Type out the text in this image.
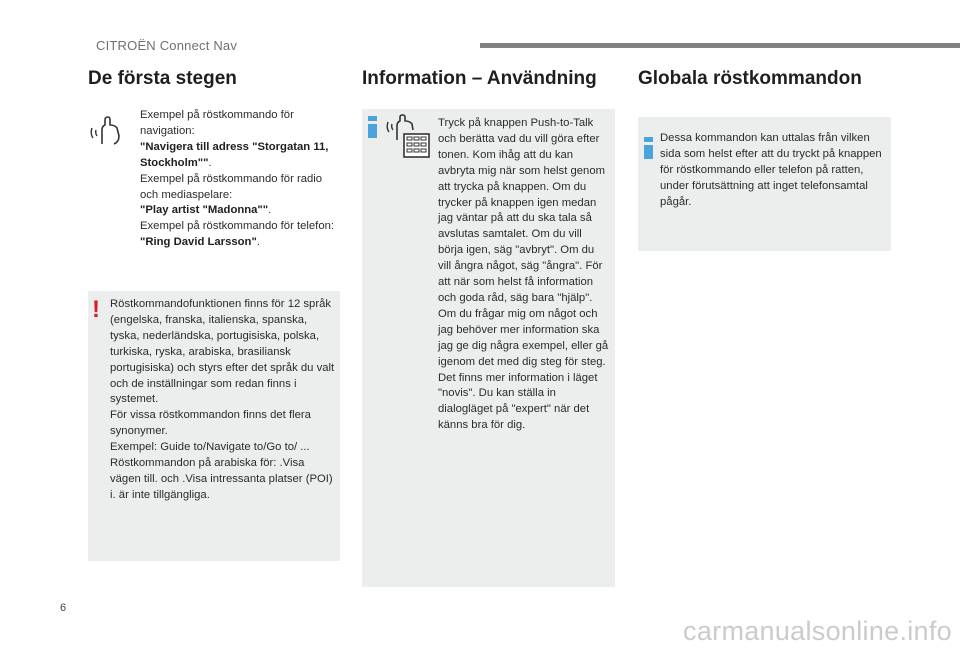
CITROËN Connect Nav
De första stegen
Exempel på röstkommando för navigation:
"Navigera till adress "Storgatan 11, Stockholm"".
Exempel på röstkommando för radio och mediaspelare:
"Play artist "Madonna"".
Exempel på röstkommando för telefon:
"Ring David Larsson".
! Röstkommandofunktionen finns för 12 språk (engelska, franska, italienska, spanska, tyska, nederländska, portugisiska, polska, turkiska, ryska, arabiska, brasiliansk portugisiska) och styrs efter det språk du valt och de inställningar som redan finns i systemet.
För vissa röstkommandon finns det flera synonymer.
Exempel: Guide to/Navigate to/Go to/ ...
Röstkommandon på arabiska för: .Visa vägen till. och .Visa intressanta platser (POI) i. är inte tillgängliga.
Information – Användning
Tryck på knappen Push-to-Talk och berätta vad du vill göra efter tonen. Kom ihåg att du kan avbryta mig när som helst genom att trycka på knappen. Om du trycker på knappen igen medan jag väntar på att du ska tala så avslutas samtalet. Om du vill börja igen, säg "avbryt". Om du vill ångra något, säg "ångra". För att när som helst få information och goda råd, säg bara "hjälp". Om du frågar mig om något och jag behöver mer information ska jag ge dig några exempel, eller gå igenom det med dig steg för steg. Det finns mer information i läget "novis". Du kan ställa in dialogläget på "expert" när det känns bra för dig.
Globala röstkommandon
Dessa kommandon kan uttalas från vilken sida som helst efter att du tryckt på knappen för röstkommando eller telefon på ratten, under förutsättning att inget telefonsamtal pågår.
6
carmanualsonline.info
